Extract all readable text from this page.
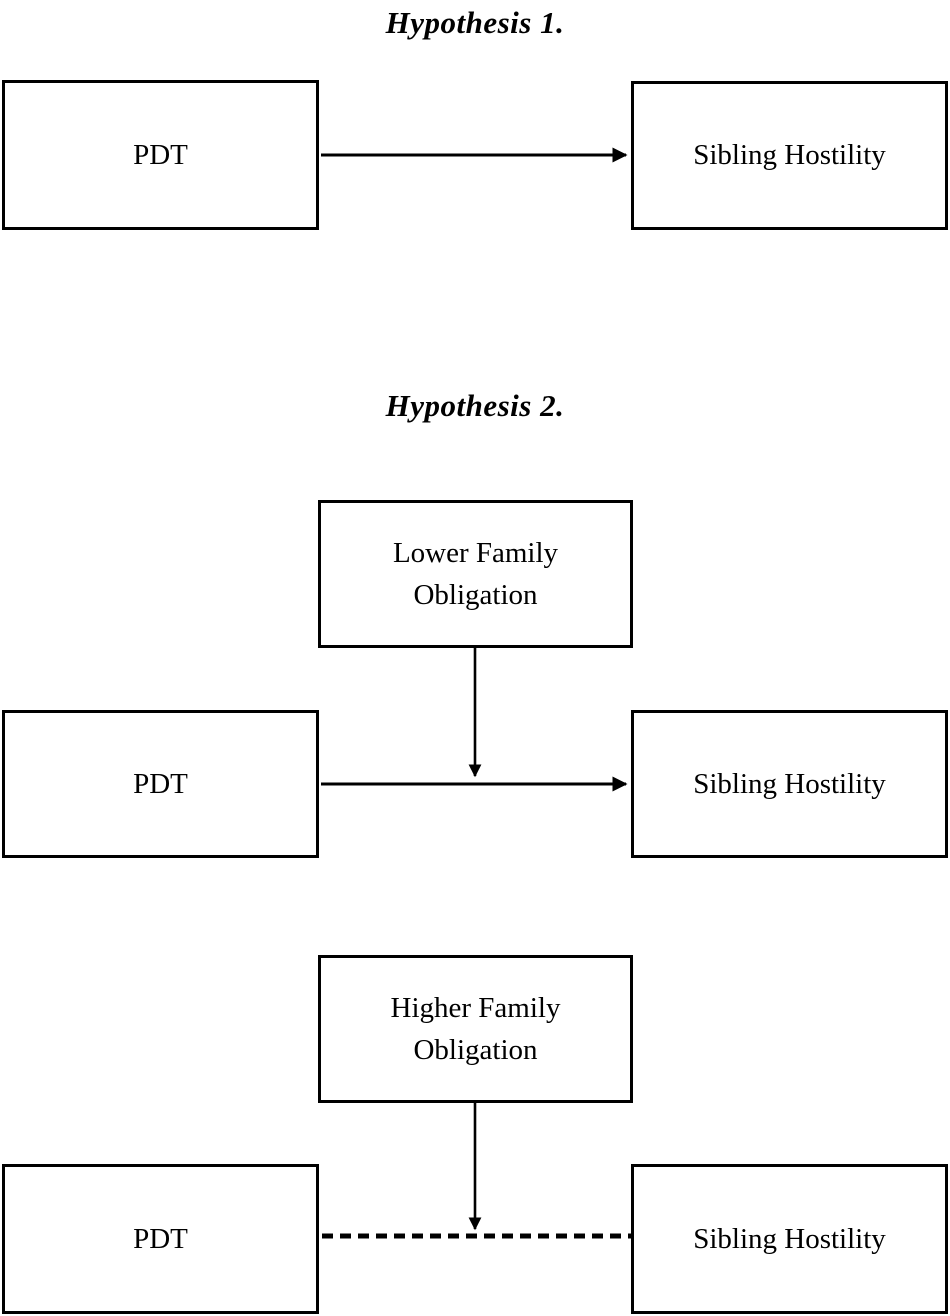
Hypothesis 1.
Hypothesis 2.
PDT	Sibling Hostility
Lower Family Obligation
PDT	Sibling Hostility
Higher Family Obligation
PDT	Sibling Hostility
